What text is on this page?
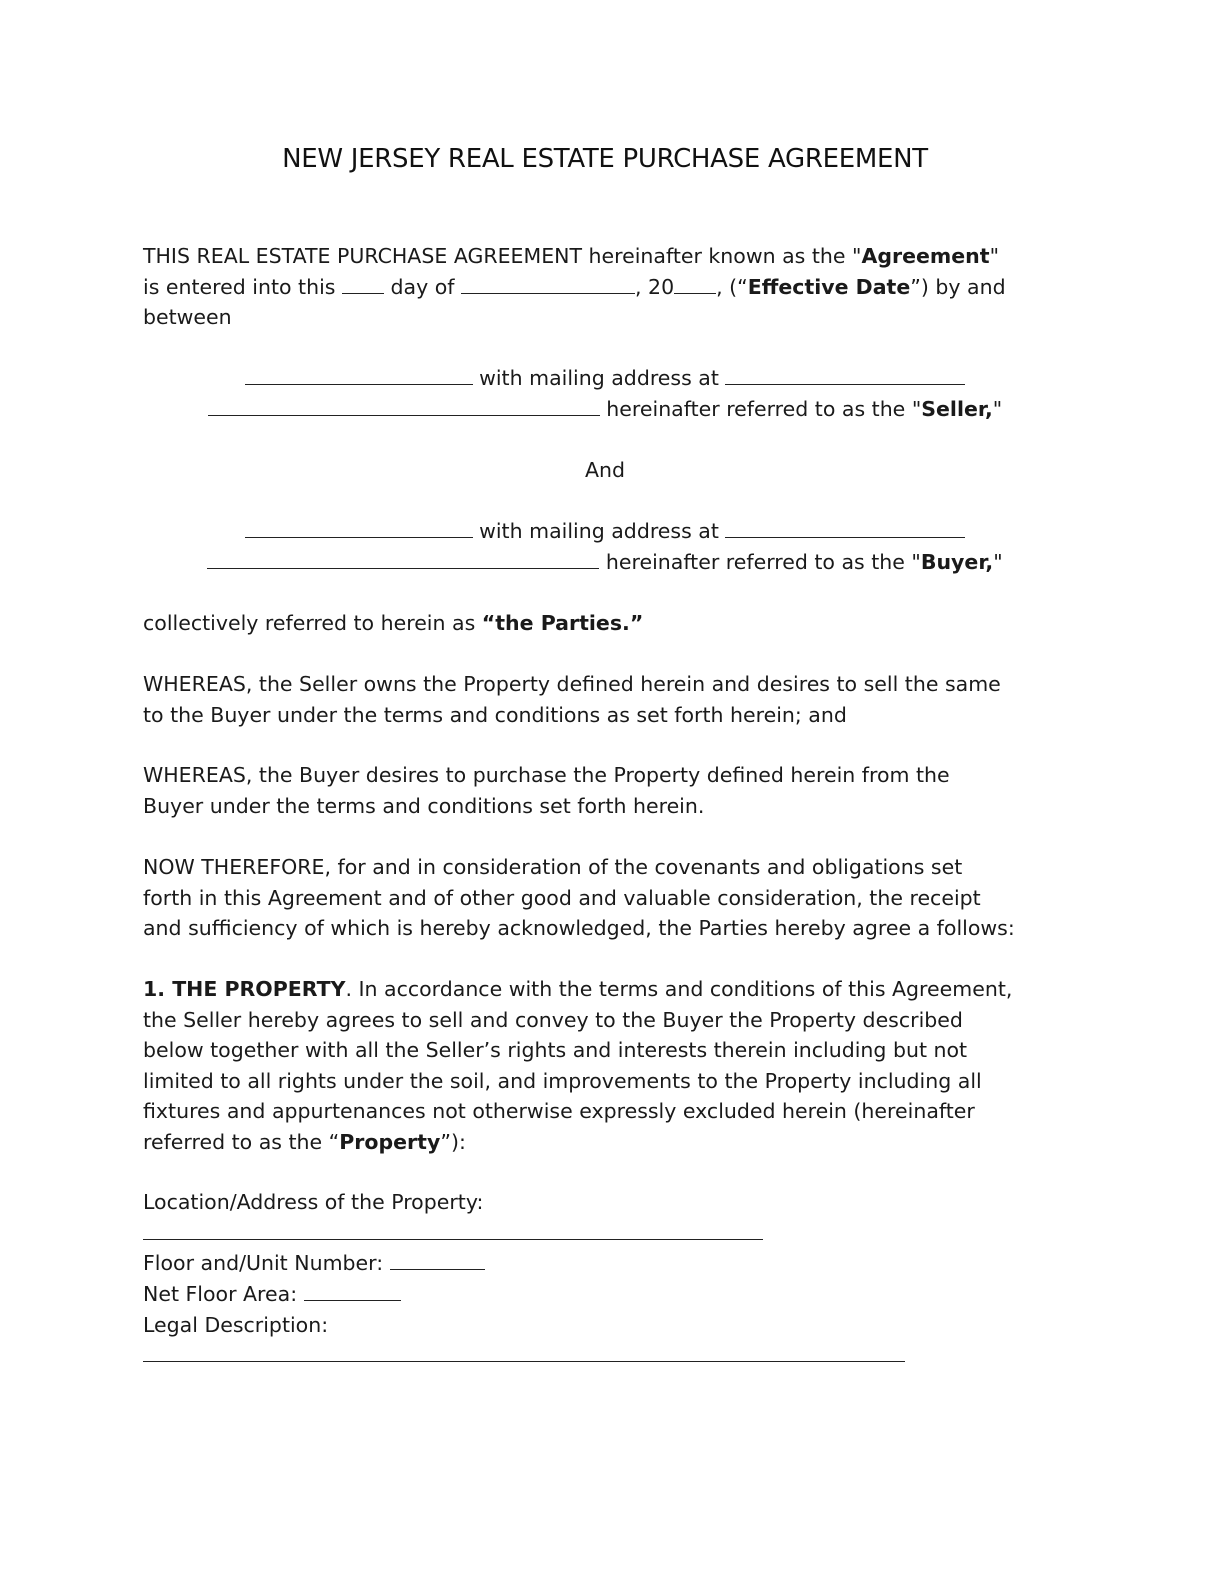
NEW JERSEY REAL ESTATE PURCHASE AGREEMENT
THIS REAL ESTATE PURCHASE AGREEMENT hereinafter known as the "Agreement"
is entered into this  day of	, 20 , (“Effective Date”) by and
between
with mailing address at
hereinafter referred to as the "Seller,"
And
with mailing address at
hereinafter referred to as the "Buyer,"
collectively referred to herein as “the Parties.”
WHEREAS, the Seller owns the Property defined herein and desires to sell the same
to the Buyer under the terms and conditions as set forth herein; and
WHEREAS, the Buyer desires to purchase the Property defined herein from the
Buyer under the terms and conditions set forth herein.
NOW THEREFORE, for and in consideration of the covenants and obligations set
forth in this Agreement and of other good and valuable consideration, the receipt
and sufficiency of which is hereby acknowledged, the Parties hereby agree a follows:
1. THE PROPERTY. In accordance with the terms and conditions of this Agreement,
the Seller hereby agrees to sell and convey to the Buyer the Property described
below together with all the Seller’s rights and interests therein including but not
limited to all rights under the soil, and improvements to the Property including all
fixtures and appurtenances not otherwise expressly excluded herein (hereinafter
referred to as the “Property”):
Location/Address of the Property:
Floor and/Unit Number:
Net Floor Area:
Legal Description:
